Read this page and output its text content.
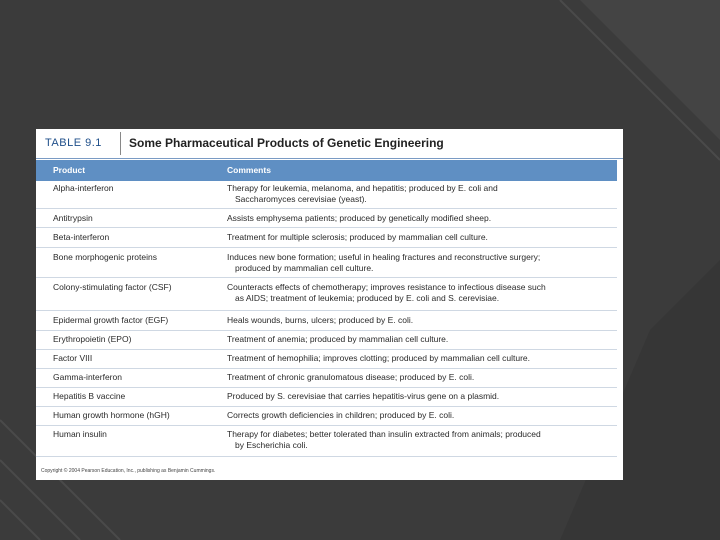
TABLE 9.1	Some Pharmaceutical Products of Genetic Engineering
Product	Comments
Alpha-interferon	Therapy for leukemia, melanoma, and hepatitis; produced by E. coli and
Saccharomyces cerevisiae (yeast).
Antitrypsin	Assists emphysema patients; produced by genetically modified sheep.
Beta-interferon	Treatment for multiple sclerosis; produced by mammalian cell culture.
Bone morphogenic proteins	Induces new bone formation; useful in healing fractures and reconstructive surgery;
produced by mammalian cell culture.
Colony-stimulating factor (CSF)	Counteracts effects of chemotherapy; improves resistance to infectious disease such
as AIDS; treatment of leukemia; produced by E. coli and S. cerevisiae.
Epidermal growth factor (EGF)	Heals wounds, burns, ulcers; produced by E. coli.
Erythropoietin (EPO)	Treatment of anemia; produced by mammalian cell culture.
Factor VIII	Treatment of hemophilia; improves clotting; produced by mammalian cell culture.
Gamma-interferon	Treatment of chronic granulomatous disease; produced by E. coli.
Hepatitis B vaccine	Produced by S. cerevisiae that carries hepatitis-virus gene on a plasmid.
Human growth hormone (hGH)	Corrects growth deficiencies in children; produced by E. coli.
Human insulin	Therapy for diabetes; better tolerated than insulin extracted from animals; produced
by Escherichia coli.
Copyright © 2004 Pearson Education, Inc., publishing as Benjamin Cummings.
